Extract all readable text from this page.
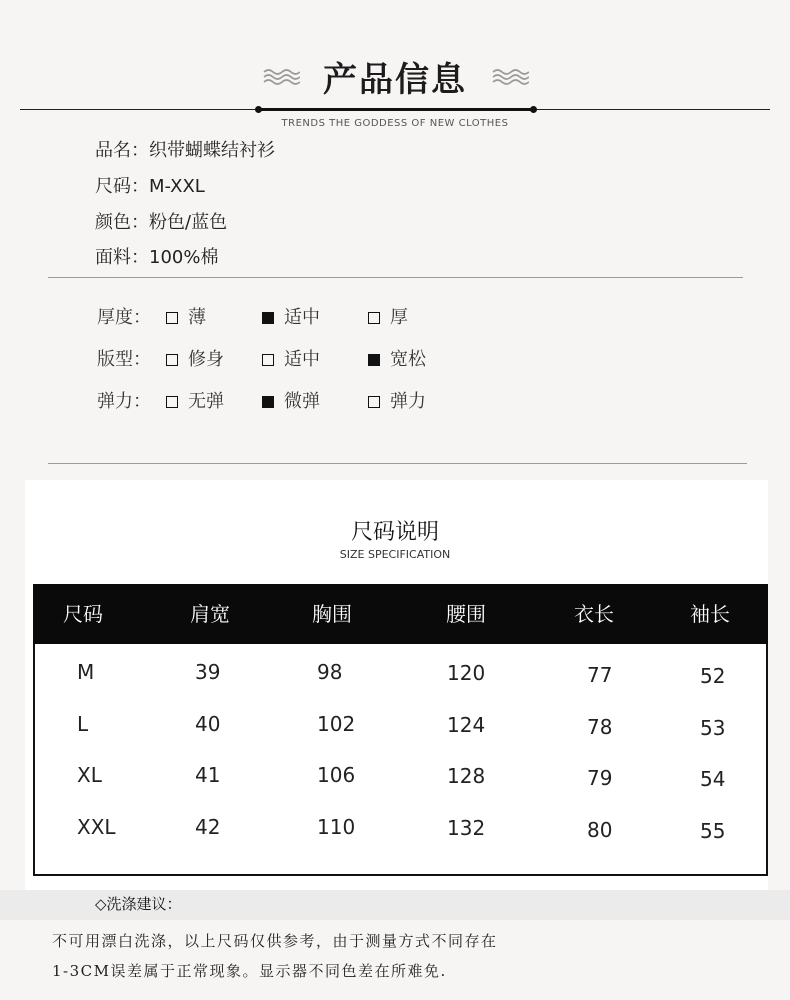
产品信息
TRENDS THE GODDESS OF NEW CLOTHES
品名：织带蝴蝶结衬衫
尺码：M-XXL
颜色：粉色/蓝色
面料：100%棉
厚度： 薄	适中	厚
版型： 修身	适中	宽松
弹力： 无弹	微弹	弹力
尺码说明
SIZE SPECIFICATION
尺码	肩宽	胸围	腰围	衣长	袖长
M	39	98	120	77	52
L	40	102	124	78	53
XL	41	106	128	79	54
XXL	42	110	132	80	55
◇洗涤建议：
不可用漂白洗涤，以上尺码仅供参考，由于测量方式不同存在
1-3CM误差属于正常现象。显示器不同色差在所难免.
